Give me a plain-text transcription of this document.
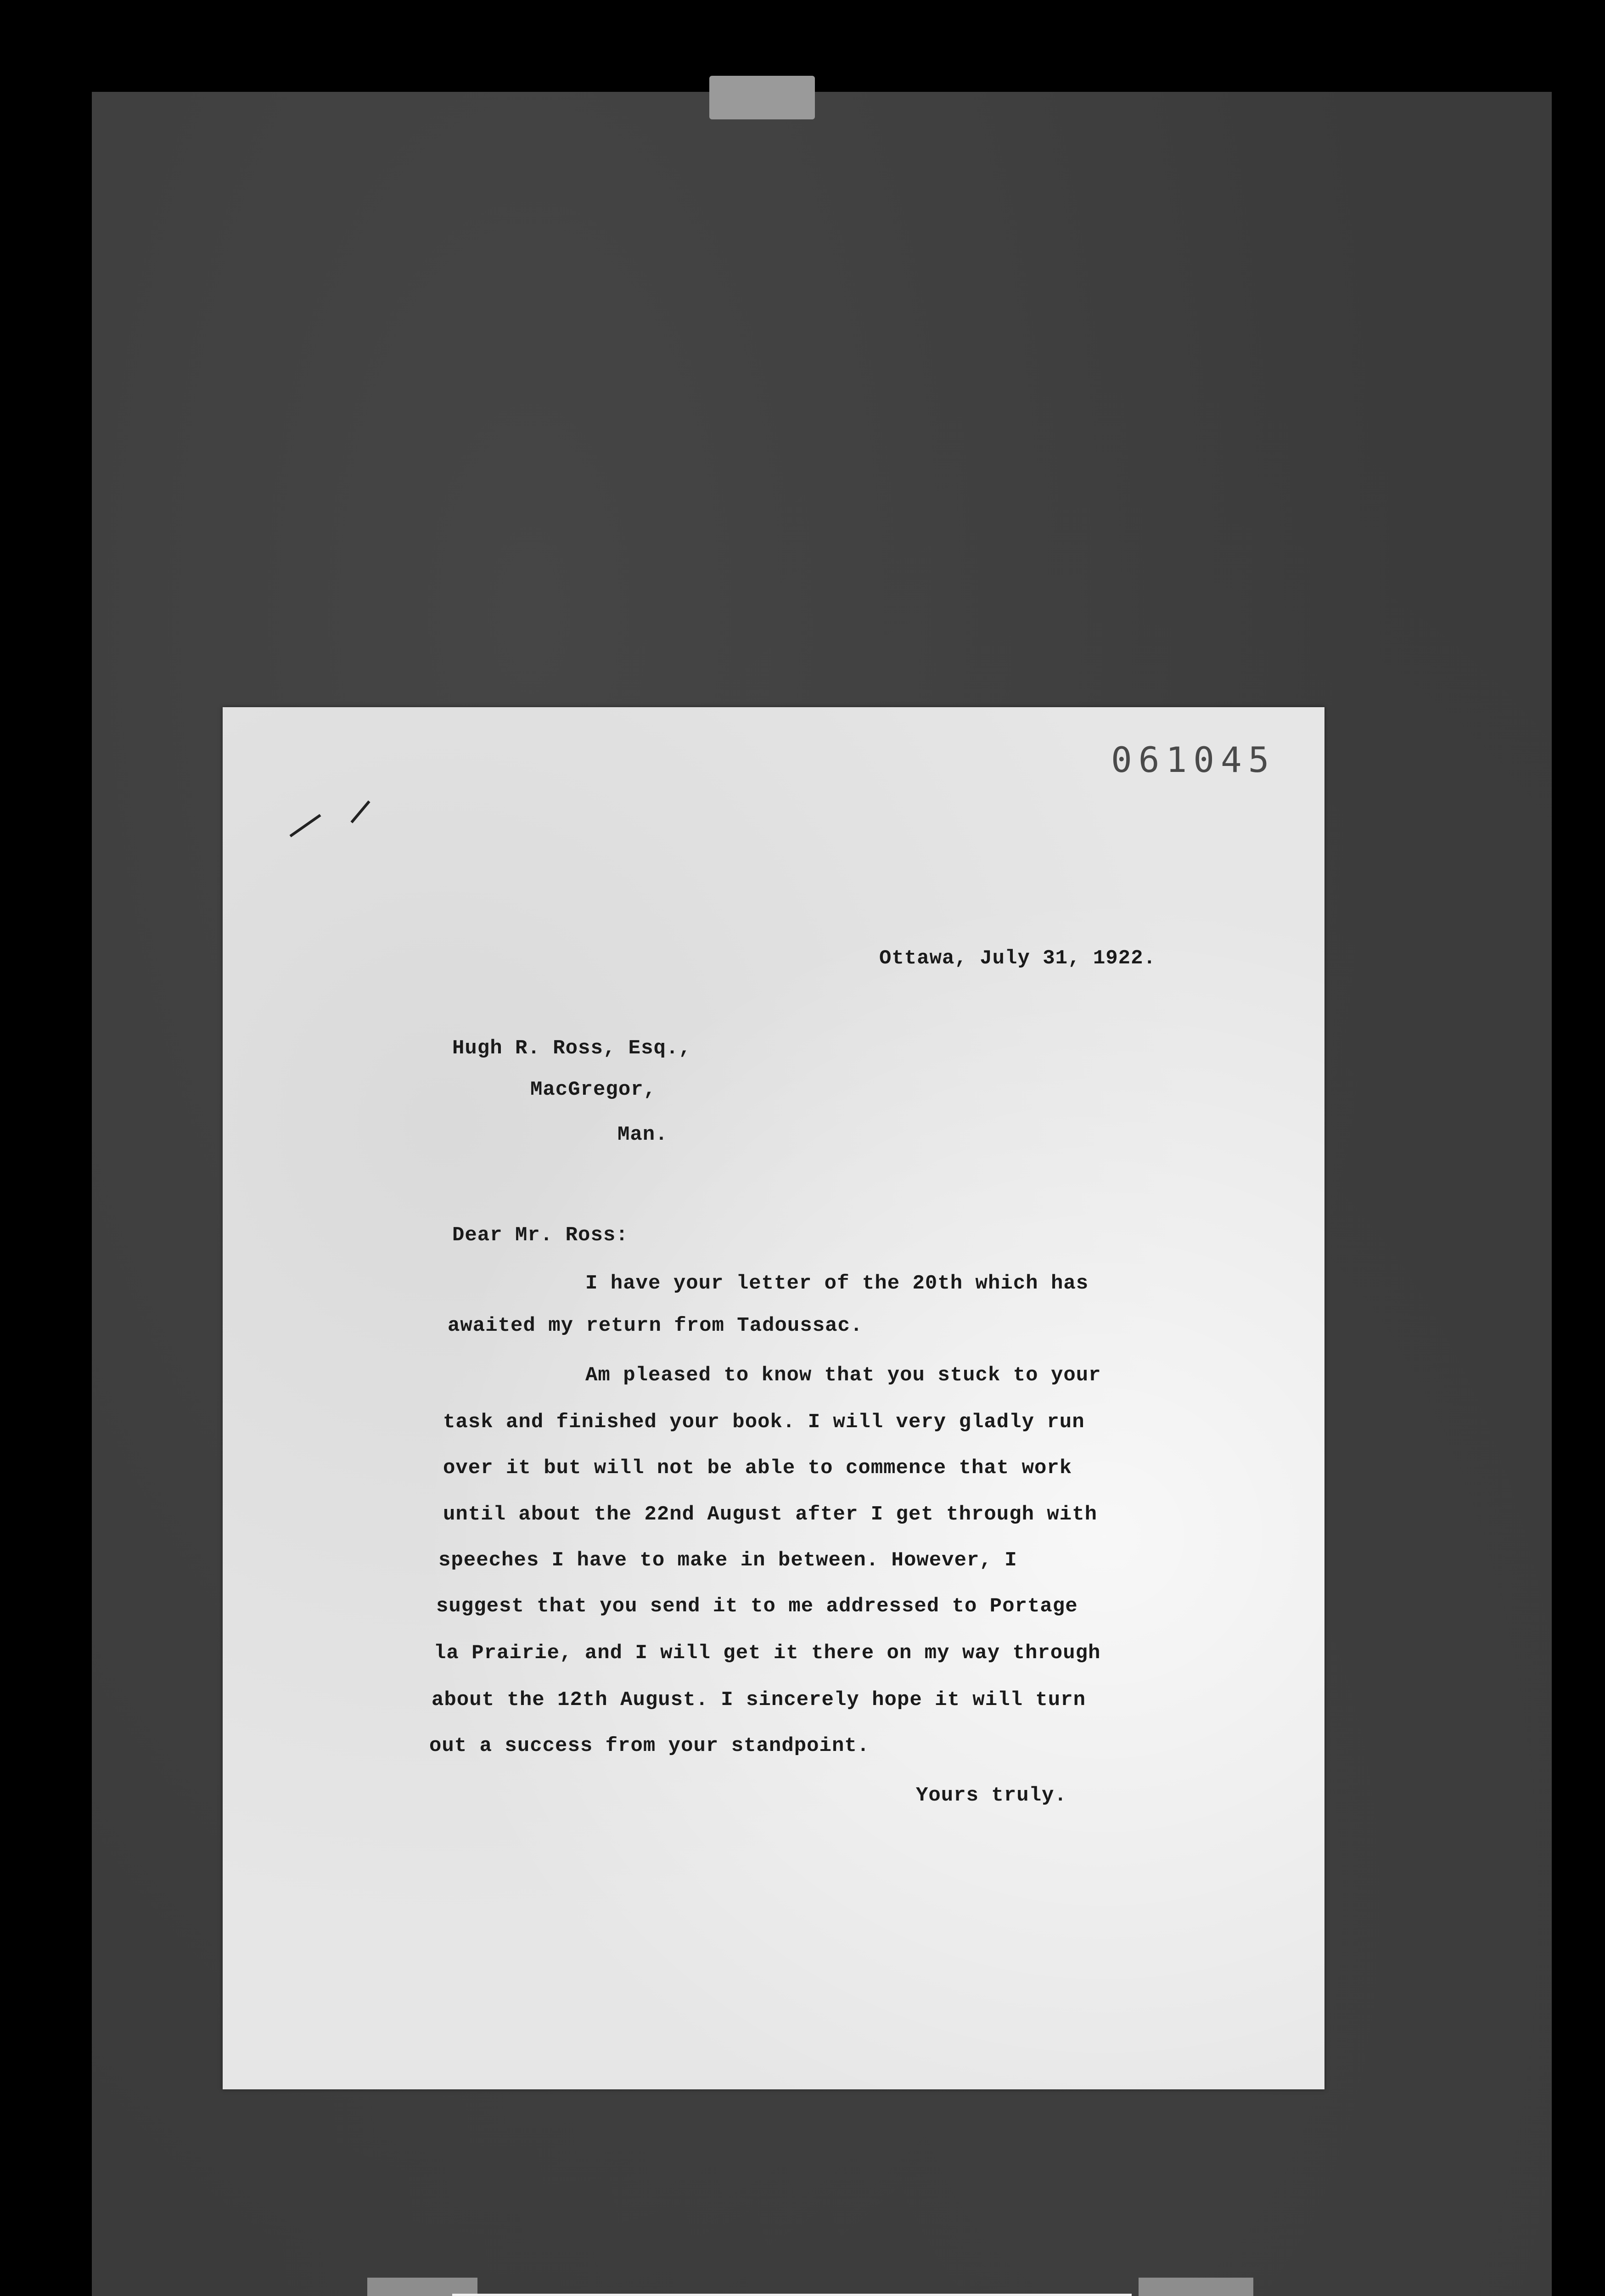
061045
Ottawa, July 31, 1922.
Hugh R. Ross, Esq.,
MacGregor,
Man.
Dear Mr. Ross:
I have your letter of the 20th which has
awaited my return from Tadoussac.
Am pleased to know that you stuck to your
task and finished your book. I will very gladly run
over it but will not be able to commence that work
until about the 22nd August after I get through with
speeches I have to make in between. However, I
suggest that you send it to me addressed to Portage
la Prairie, and I will get it there on my way through
about the 12th August. I sincerely hope it will turn
out a success from your standpoint.
Yours truly.
